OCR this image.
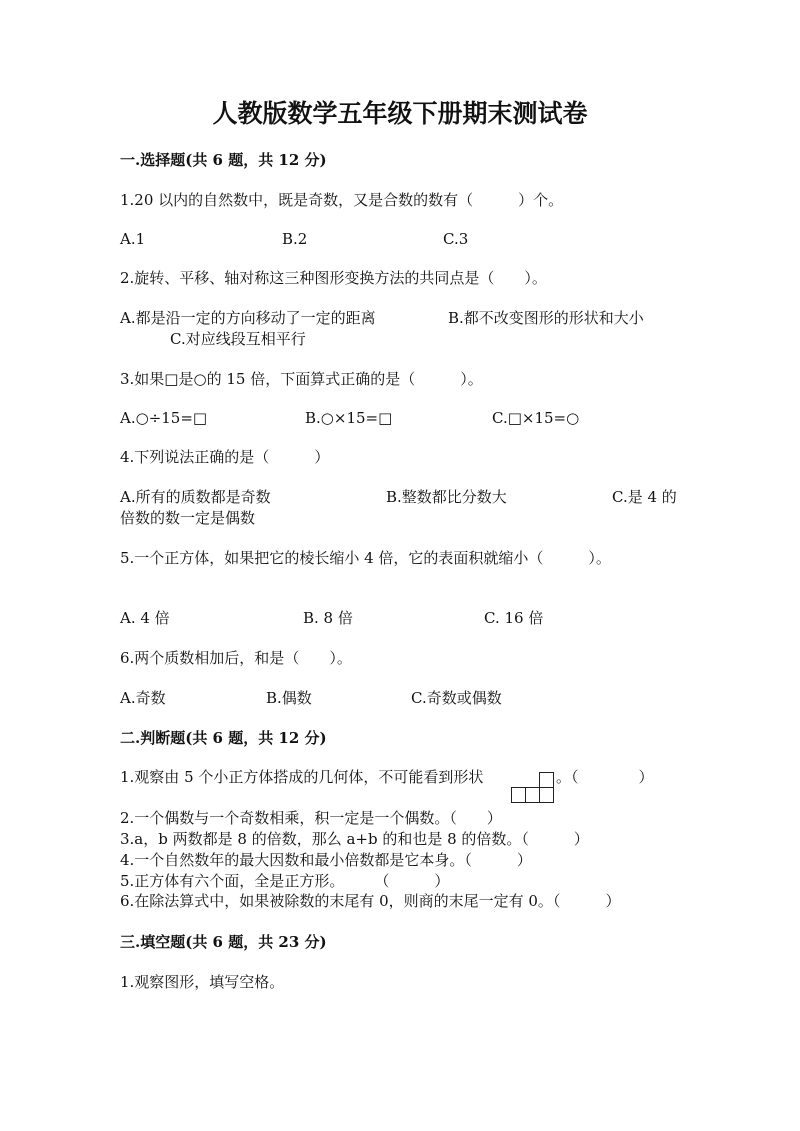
人教版数学五年级下册期末测试卷
一.选择题(共 6 题，共 12 分)
1.20 以内的自然数中，既是奇数，又是合数的数有（　　　）个。
A.1	B.2	C.3
2.旋转、平移、轴对称这三种图形变换方法的共同点是（　　）。
A.都是沿一定的方向移动了一定的距离	B.都不改变图形的形状和大小
C.对应线段互相平行
3.如果□是○的 15 倍，下面算式正确的是（　　　）。
A.○÷15=□	B.○×15=□	C.□×15=○
4.下列说法正确的是（　　　）
A.所有的质数都是奇数	B.整数都比分数大	C.是 4 的
倍数的数一定是偶数
5.一个正方体，如果把它的棱长缩小 4 倍，它的表面积就缩小（　　　）。
A. 4 倍	B. 8 倍	C. 16 倍
6.两个质数相加后，和是（　　）。
A.奇数	B.偶数	C.奇数或偶数
二.判断题(共 6 题，共 12 分)
1.观察由 5 个小正方体搭成的几何体，不可能看到形状	。（　　　　）
2.一个偶数与一个奇数相乘，积一定是一个偶数。（　　）
3.a，b 两数都是 8 的倍数，那么 a+b 的和也是 8 的倍数。（　　　）
4.一个自然数年的最大因数和最小倍数都是它本身。（　　　）
5.正方体有六个面，全是正方形。　　　（　　　）
6.在除法算式中，如果被除数的末尾有 0，则商的末尾一定有 0。（　　　）
三.填空题(共 6 题，共 23 分)
1.观察图形，填写空格。
